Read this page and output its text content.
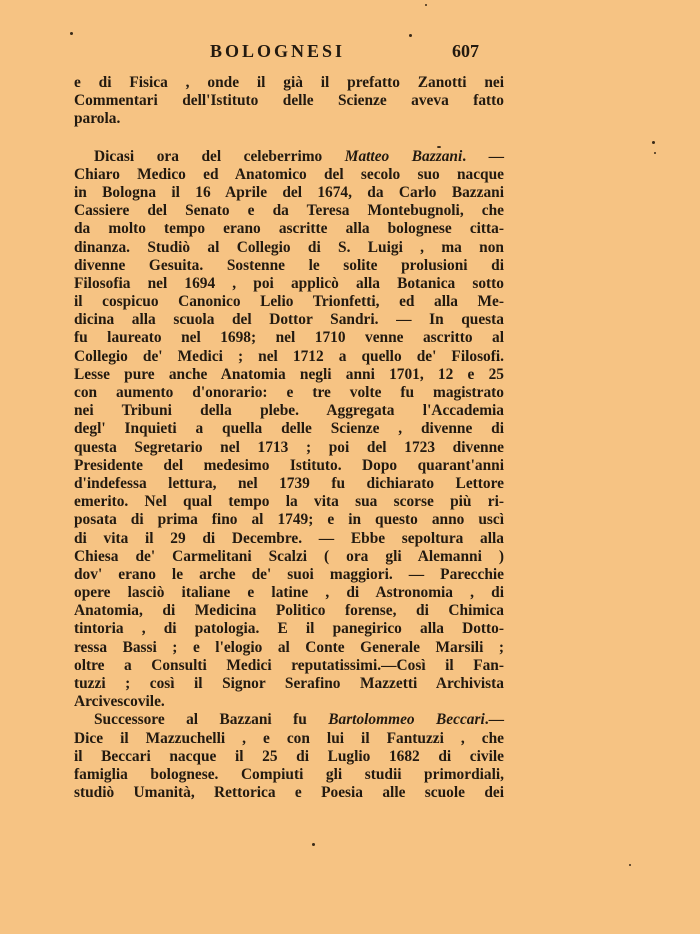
BOLOGNESI	607
e di Fisica , onde il già il prefatto Zanotti nei
Commentari dell'Istituto delle Scienze aveva fatto
parola.
Dicasi ora del celeberrimo Matteo Bazzani. —
Chiaro Medico ed Anatomico del secolo suo nacque
in Bologna il 16 Aprile del 1674, da Carlo Bazzani
Cassiere del Senato e da Teresa Montebugnoli, che
da molto tempo erano ascritte alla bolognese citta-
dinanza. Studiò al Collegio di S. Luigi , ma non
divenne Gesuita. Sostenne le solite prolusioni di
Filosofia nel 1694 , poi applicò alla Botanica sotto
il cospicuo Canonico Lelio Trionfetti, ed alla Me-
dicina alla scuola del Dottor Sandri. — In questa
fu laureato nel 1698; nel 1710 venne ascritto al
Collegio de' Medici ; nel 1712 a quello de' Filosofi.
Lesse pure anche Anatomia negli anni 1701, 12 e 25
con aumento d'onorario: e tre volte fu magistrato
nei Tribuni della plebe. Aggregata l'Accademia
degl' Inquieti a quella delle Scienze , divenne di
questa Segretario nel 1713 ; poi del 1723 divenne
Presidente del medesimo Istituto. Dopo quarant'anni
d'indefessa lettura, nel 1739 fu dichiarato Lettore
emerito. Nel qual tempo la vita sua scorse più ri-
posata di prima fino al 1749; e in questo anno uscì
di vita il 29 di Decembre. — Ebbe sepoltura alla
Chiesa de' Carmelitani Scalzi ( ora gli Alemanni )
dov' erano le arche de' suoi maggiori. — Parecchie
opere lasciò italiane e latine , di Astronomia , di
Anatomia, di Medicina Politico forense, di Chimica
tintoria , di patologia. E il panegirico alla Dotto-
ressa Bassi ; e l'elogio al Conte Generale Marsili ;
oltre a Consulti Medici reputatissimi.—Così il Fan-
tuzzi ; così il Signor Serafino Mazzetti Archivista
Arcivescovile.
Successore al Bazzani fu Bartolommeo Beccari.—
Dice il Mazzuchelli , e con lui il Fantuzzi , che
il Beccari nacque il 25 di Luglio 1682 di civile
famiglia bolognese. Compiuti gli studii primordiali,
studiò Umanità, Rettorica e Poesia alle scuole dei
